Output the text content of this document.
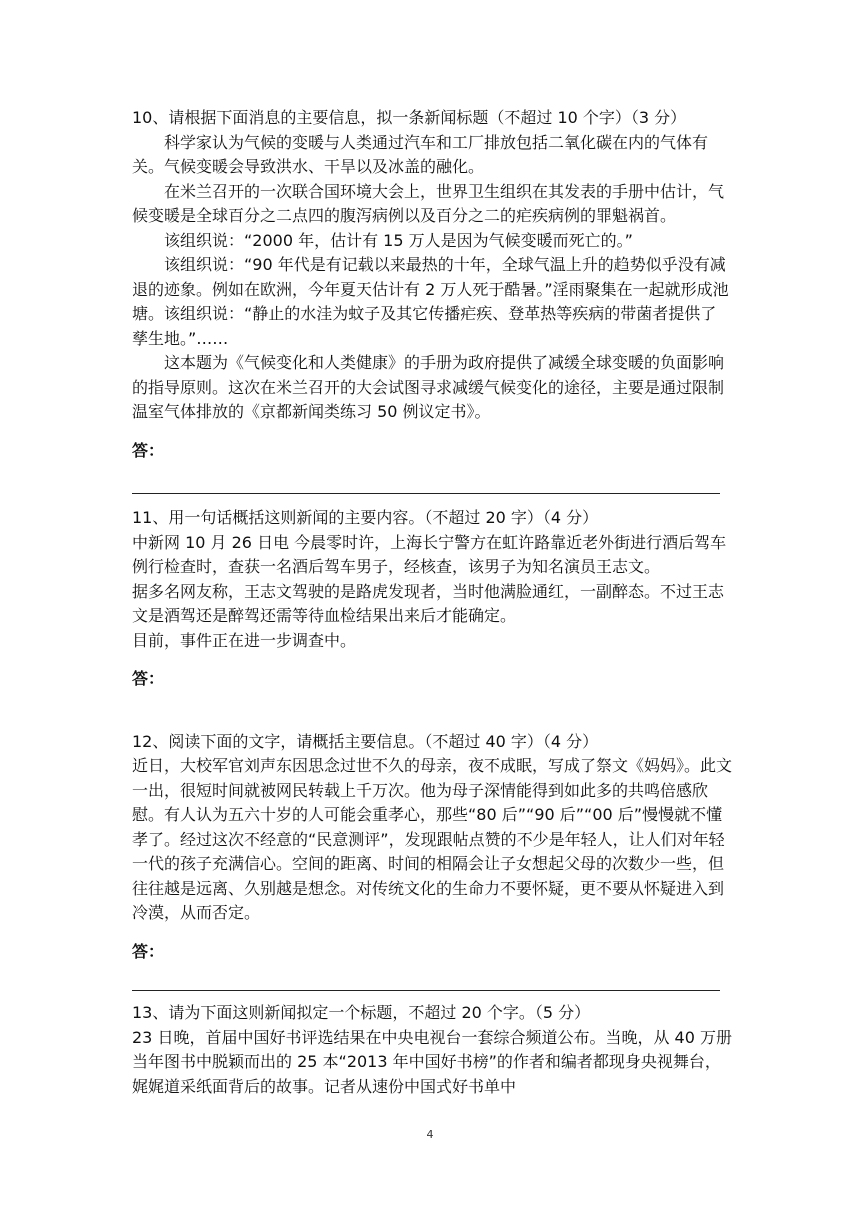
10、请根据下面消息的主要信息，拟一条新闻标题（不超过 10 个字）（3 分）

科学家认为气候的变暖与人类通过汽车和工厂排放包括二氧化碳在内的气体有关。气候变暖会导致洪水、干旱以及冰盖的融化。

在米兰召开的一次联合国环境大会上，世界卫生组织在其发表的手册中估计，气候变暖是全球百分之二点四的腹泻病例以及百分之二的疟疾病例的罪魁祸首。

该组织说：“2000 年，估计有 15 万人是因为气候变暖而死亡的。”

该组织说：“90 年代是有记载以来最热的十年，全球气温上升的趋势似乎没有减退的迹象。例如在欧洲，今年夏天估计有 2 万人死于酷暑。”淫雨聚集在一起就形成池塘。该组织说：“静止的水洼为蚊子及其它传播疟疾、登革热等疾病的带菌者提供了孳生地。”……

这本题为《气候变化和人类健康》的手册为政府提供了减缓全球变暖的负面影响的指导原则。这次在米兰召开的大会试图寻求减缓气候变化的途径，主要是通过限制温室气体排放的《京都新闻类练习 50 例议定书》。

答：

11、用一句话概括这则新闻的主要内容。（不超过 20 字）（4 分）

中新网 10 月 26 日电 今晨零时许，上海长宁警方在虹许路靠近老外街进行酒后驾车例行检查时，查获一名酒后驾车男子，经核查，该男子为知名演员王志文。

据多名网友称，王志文驾驶的是路虎发现者，当时他满脸通红，一副醉态。不过王志文是酒驾还是醉驾还需等待血检结果出来后才能确定。

目前，事件正在进一步调查中。

答：

12、阅读下面的文字，请概括主要信息。（不超过 40 字）（4 分）

近日，大校军官刘声东因思念过世不久的母亲，夜不成眠，写成了祭文《妈妈》。此文一出，很短时间就被网民转载上千万次。他为母子深情能得到如此多的共鸣倍感欣慰。有人认为五六十岁的人可能会重孝心，那些“80 后”“90 后”“00 后”慢慢就不懂孝了。经过这次不经意的“民意测评”，发现跟帖点赞的不少是年轻人，让人们对年轻一代的孩子充满信心。空间的距离、时间的相隔会让子女想起父母的次数少一些，但往往越是远离、久别越是想念。对传统文化的生命力不要怀疑，更不要从怀疑进入到冷漠，从而否定。

答：

13、请为下面这则新闻拟定一个标题，不超过 20 个字。（5 分）

23 日晚，首届中国好书评选结果在中央电视台一套综合频道公布。当晚，从 40 万册当年图书中脱颖而出的 25 本“2013 年中国好书榜”的作者和编者都现身央视舞台，娓娓道采纸面背后的故事。记者从速份中国式好书单中

4
